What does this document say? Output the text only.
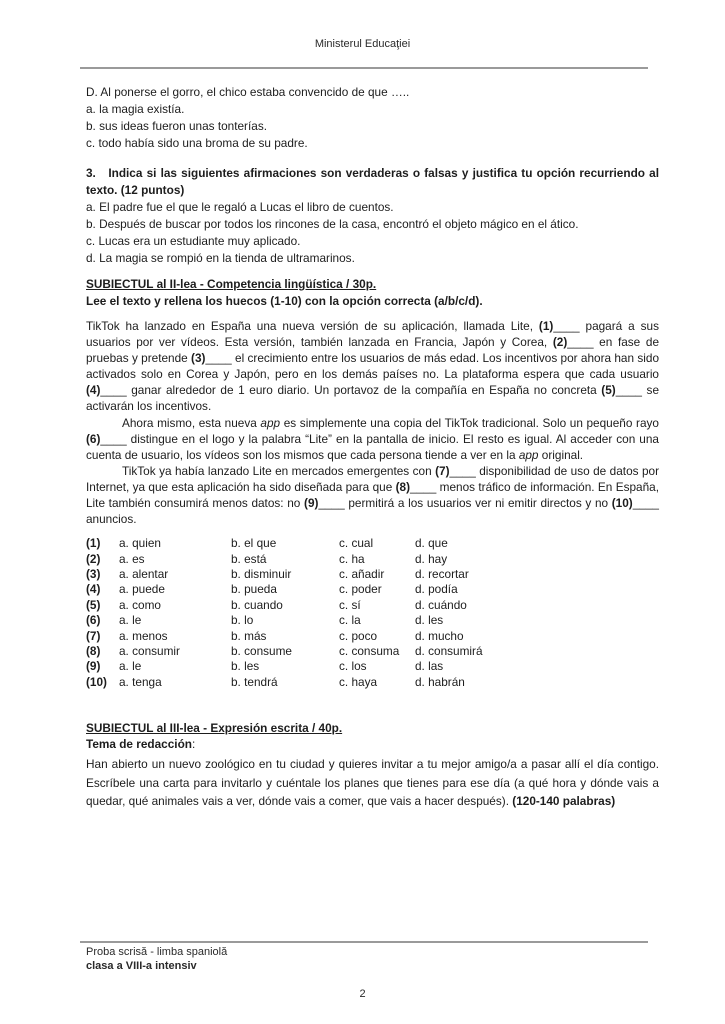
Ministerul Educaţiei
D. Al ponerse el gorro, el chico estaba convencido de que …..
a. la magia existía.
b. sus ideas fueron unas tonterías.
c. todo había sido una broma de su padre.
3.   Indica si las siguientes afirmaciones son verdaderas o falsas y justifica tu opción recurriendo al texto. (12 puntos)
a. El padre fue el que le regaló a Lucas el libro de cuentos.
b. Después de buscar por todos los rincones de la casa, encontró el objeto mágico en el ático.
c. Lucas era un estudiante muy aplicado.
d. La magia se rompió en la tienda de ultramarinos.
SUBIECTUL al II-lea - Competencia lingüística / 30p.
Lee el texto y rellena los huecos (1-10) con la opción correcta (a/b/c/d).

TikTok ha lanzado en España una nueva versión de su aplicación, llamada Lite, (1)____ pagará a sus usuarios por ver vídeos. Esta versión, también lanzada en Francia, Japón y Corea, (2)____ en fase de pruebas y pretende (3)____ el crecimiento entre los usuarios de más edad. Los incentivos por ahora han sido activados solo en Corea y Japón, pero en los demás países no. La plataforma espera que cada usuario (4)____ ganar alrededor de 1 euro diario. Un portavoz de la compañía en España no concreta (5)____ se activarán los incentivos.

Ahora mismo, esta nueva app es simplemente una copia del TikTok tradicional. Solo un pequeño rayo (6)____ distingue en el logo y la palabra “Lite” en la pantalla de inicio. El resto es igual. Al acceder con una cuenta de usuario, los vídeos son los mismos que cada persona tiende a ver en la app original.

TikTok ya había lanzado Lite en mercados emergentes con (7)____ disponibilidad de uso de datos por Internet, ya que esta aplicación ha sido diseñada para que (8)____ menos tráfico de información. En España, Lite también consumirá menos datos: no (9)____ permitirá a los usuarios ver ni emitir directos y no (10)____ anuncios.

(1)	a. quien	b. el que	c. cual	d. que
(2)	a. es	b. está	c. ha	d. hay
(3)	a. alentar	b. disminuir	c. añadir	d. recortar
(4)	a. puede	b. pueda	c. poder	d. podía
(5)	a. como	b. cuando	c. sí	d. cuándo
(6)	a. le	b. lo	c. la	d. les
(7)	a. menos	b. más	c. poco	d. mucho
(8)	a. consumir	b. consume	c. consuma	d. consumirá
(9)	a. le	b. les	c. los	d. las
(10)	a. tenga	b. tendrá	c. haya	d. habrán
SUBIECTUL al III-lea - Expresión escrita / 40p.
Tema de redacción:

Han abierto un nuevo zoológico en tu ciudad y quieres invitar a tu mejor amigo/a a pasar allí el día contigo. Escríbele una carta para invitarlo y cuéntale los planes que tienes para ese día (a qué hora y dónde vais a quedar, qué animales vais a ver, dónde vais a comer, que vais a hacer después). (120-140 palabras)

Proba scrisă - limba spaniolă
clasa a VIII-a intensiv
2
